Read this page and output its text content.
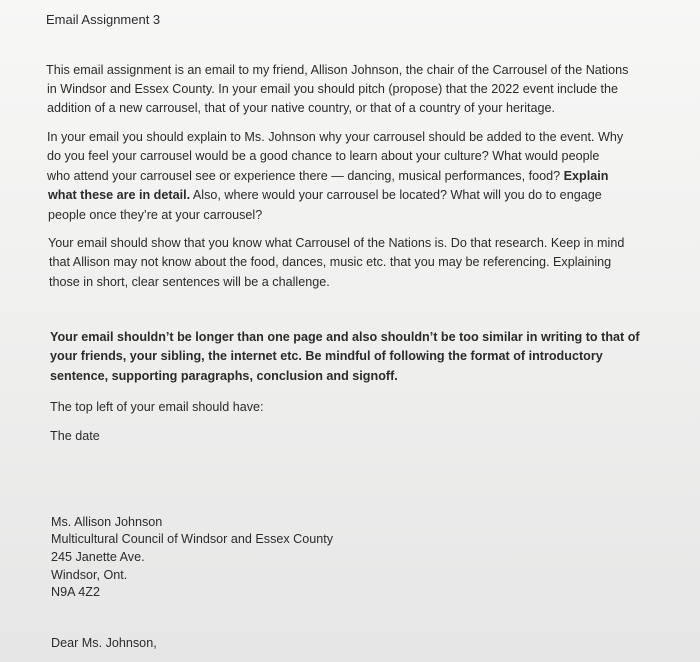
Email Assignment 3
This email assignment is an email to my friend, Allison Johnson, the chair of the Carrousel of the Nations
in Windsor and Essex County. In your email you should pitch (propose) that the 2022 event include the
addition of a new carrousel, that of your native country, or that of a country of your heritage.
In your email you should explain to Ms. Johnson why your carrousel should be added to the event. Why
do you feel your carrousel would be a good chance to learn about your culture? What would people
who attend your carrousel see or experience there — dancing, musical performances, food? Explain
what these are in detail. Also, where would your carrousel be located? What will you do to engage
people once they’re at your carrousel?
Your email should show that you know what Carrousel of the Nations is. Do that research. Keep in mind
that Allison may not know about the food, dances, music etc. that you may be referencing. Explaining
those in short, clear sentences will be a challenge.
Your email shouldn’t be longer than one page and also shouldn’t be too similar in writing to that of
your friends, your sibling, the internet etc. Be mindful of following the format of introductory
sentence, supporting paragraphs, conclusion and signoff.
The top left of your email should have:
The date
Ms. Allison Johnson
Multicultural Council of Windsor and Essex County
245 Janette Ave.
Windsor, Ont.
N9A 4Z2
Dear Ms. Johnson,
